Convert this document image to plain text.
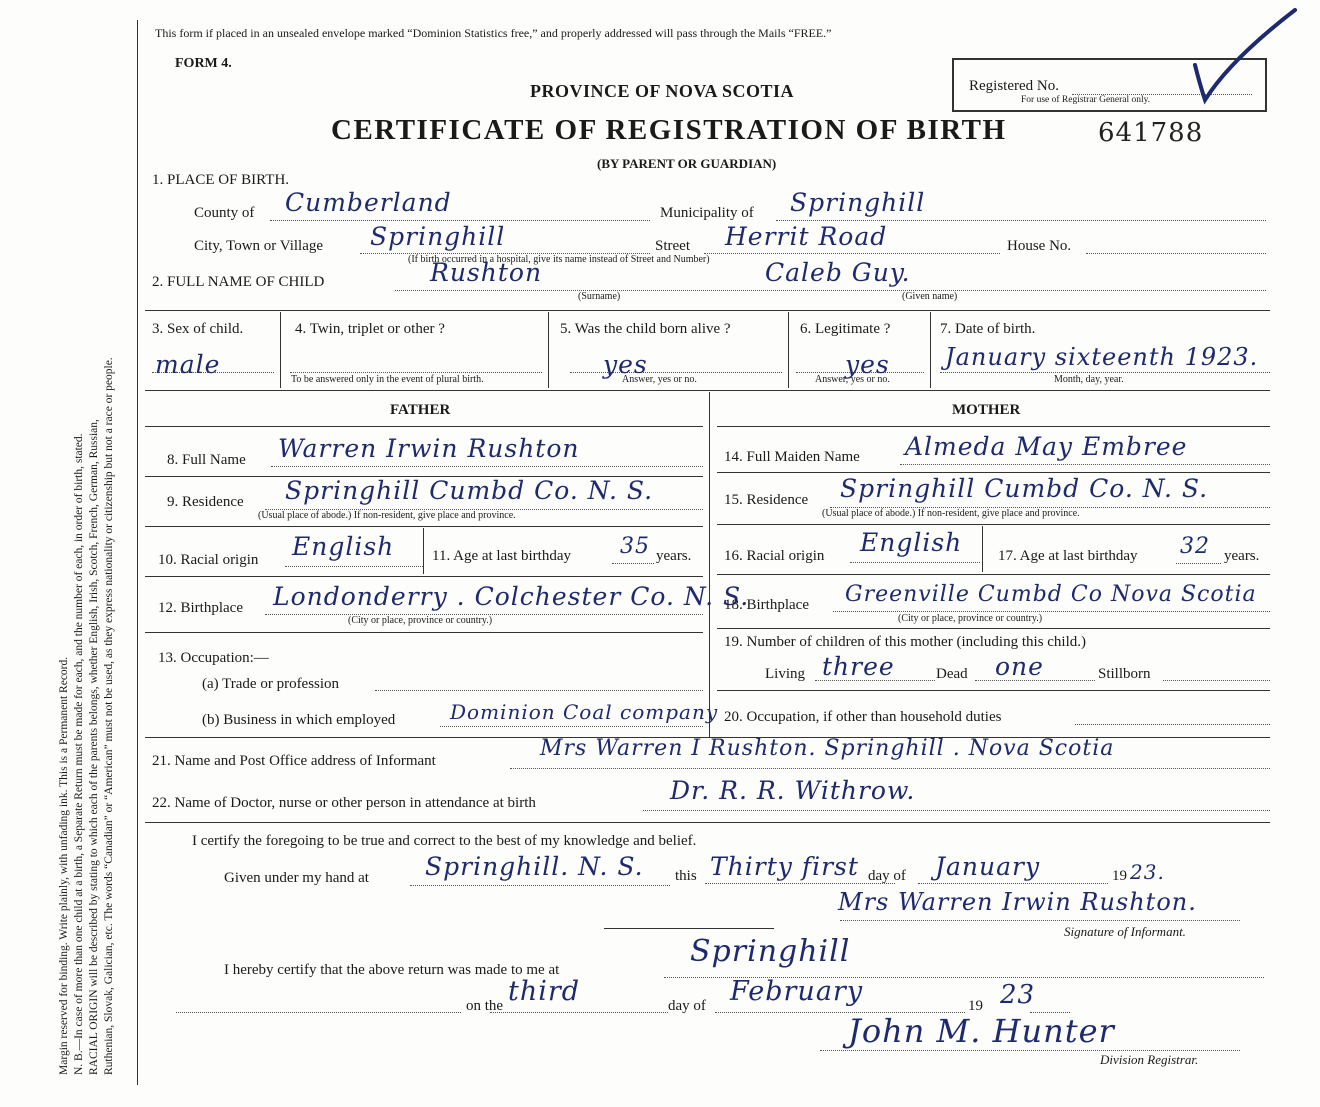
Margin reserved for binding. Write plainly, with unfading ink. This is a Permanent Record. N. B.—In case of more than one child at a birth, a Separate Return must be made for each, and the number of each, in order of birth, stated. RACIAL ORIGIN will be described by stating to which each of the parents belongs, whether English, Irish, Scotch, French, German, Russian, Ruthenian, Slovak, Galician, etc. The words “Canadian” or “American” must not be used, as they express nationality or citizenship but not a race or people.
This form if placed in an unsealed envelope marked “Dominion Statistics free,” and properly addressed will pass through the Mails “FREE.”
FORM 4.
PROVINCE OF NOVA SCOTIA
CERTIFICATE OF REGISTRATION OF BIRTH	641788
(BY PARENT OR GUARDIAN)
Registered No.
For use of Registrar General only.
1. PLACE OF BIRTH.
County of Cumberland	Municipality of Springhill
City, Town or Village Springhill	Street Herrit Road	House No.
(If birth occurred in a hospital, give its name instead of Street and Number)
2. FULL NAME OF CHILD	Rushton	Caleb Guy.
(Surname)	(Given name)
3. Sex of child.
male
4. Twin, triplet or other ?
To be answered only in the event of plural birth.
5. Was the child born alive ?
yes
Answer, yes or no.
6. Legitimate ?
yes
Answer, yes or no.
7. Date of birth.
January sixteenth 1923.
Month, day, year.
FATHER	MOTHER
8. Full Name Warren Irwin Rushton
9. Residence Springhill Cumbd Co. N. S.
(Usual place of abode.) If non-resident, give place and province.
10. Racial origin English	11. Age at last birthday 35 years.
12. Birthplace Londonderry . Colchester Co. N. S.
(City or place, province or country.)
13. Occupation:—
(a) Trade or profession
(b) Business in which employed	Dominion Coal company
14. Full Maiden Name Almeda May Embree
15. Residence Springhill Cumbd Co. N. S.
(Usual place of abode.) If non-resident, give place and province.
16. Racial origin English 17. Age at last birthday 32 years.
18. Birthplace Greenville Cumbd Co Nova Scotia
(City or place, province or country.)
19. Number of children of this mother (including this child.)
Living three	Dead one	Stillborn
20. Occupation, if other than household duties
21. Name and Post Office address of Informant	Mrs Warren I Rushton. Springhill . Nova Scotia
22. Name of Doctor, nurse or other person in attendance at birth	Dr. R. R. Withrow.
I certify the foregoing to be true and correct to the best of my knowledge and belief.
Given under my hand at Springhill. N. S. this Thirty first day of January	19 23.
Mrs Warren Irwin Rushton.
Signature of Informant.
I hereby certify that the above return was made to me at
Springhill
on the third	day of February	19 23
John M. Hunter
Division Registrar.
